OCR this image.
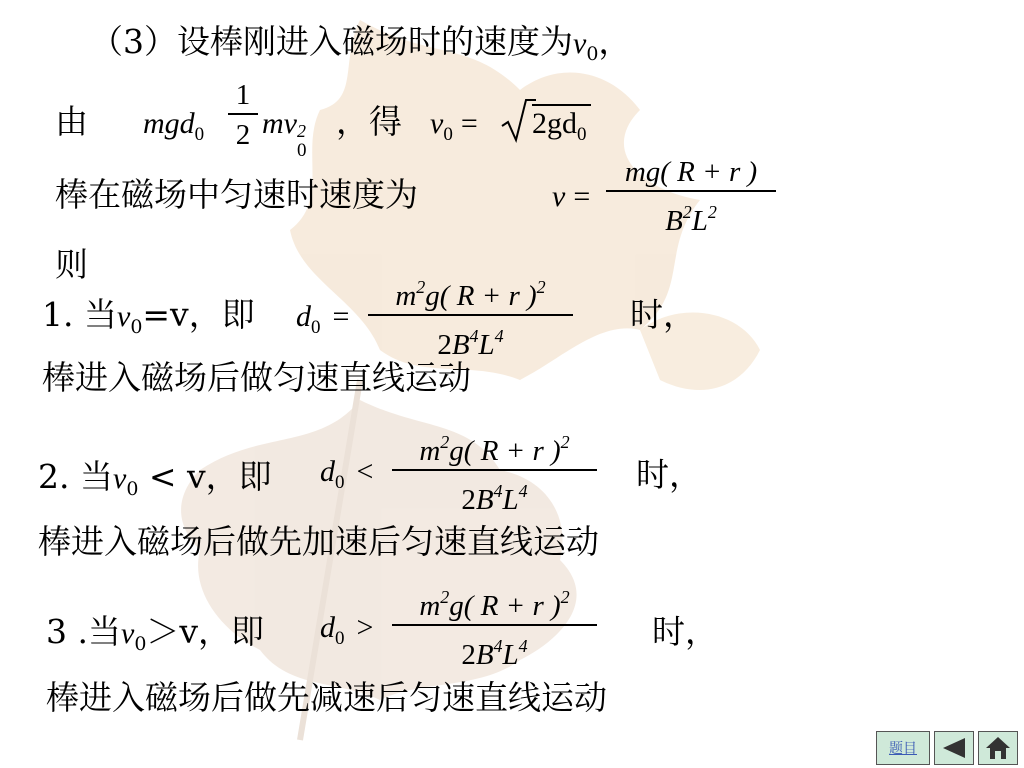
（3）设棒刚进入磁场时的速度为$v_0$，
由 mgd$_0$
1
2 mv 2
0
，得 $v_0 = 2gd_0$
棒在磁场中匀速时速度为	v =
mg( R + r )
$B^2L^2$
则
1. 当$v_0=v$，即 $d_0$ =
$m^2g$( R + r )$^2$
$2B^4L^4$
时，
棒进入磁场后做匀速直线运动
2. 当$v_0 < v$，即 $d_0$ <
$m^2g$( R + r )$^2$
$2B^4L^4$	时，
棒进入磁场后做先加速后匀速直线运动
3 .当$v_0>v$，即 $d_0$ >
$m^2g$( R + r )$^2$
$2B^4L^4$	时，
棒进入磁场后做先减速后匀速直线运动
题目
